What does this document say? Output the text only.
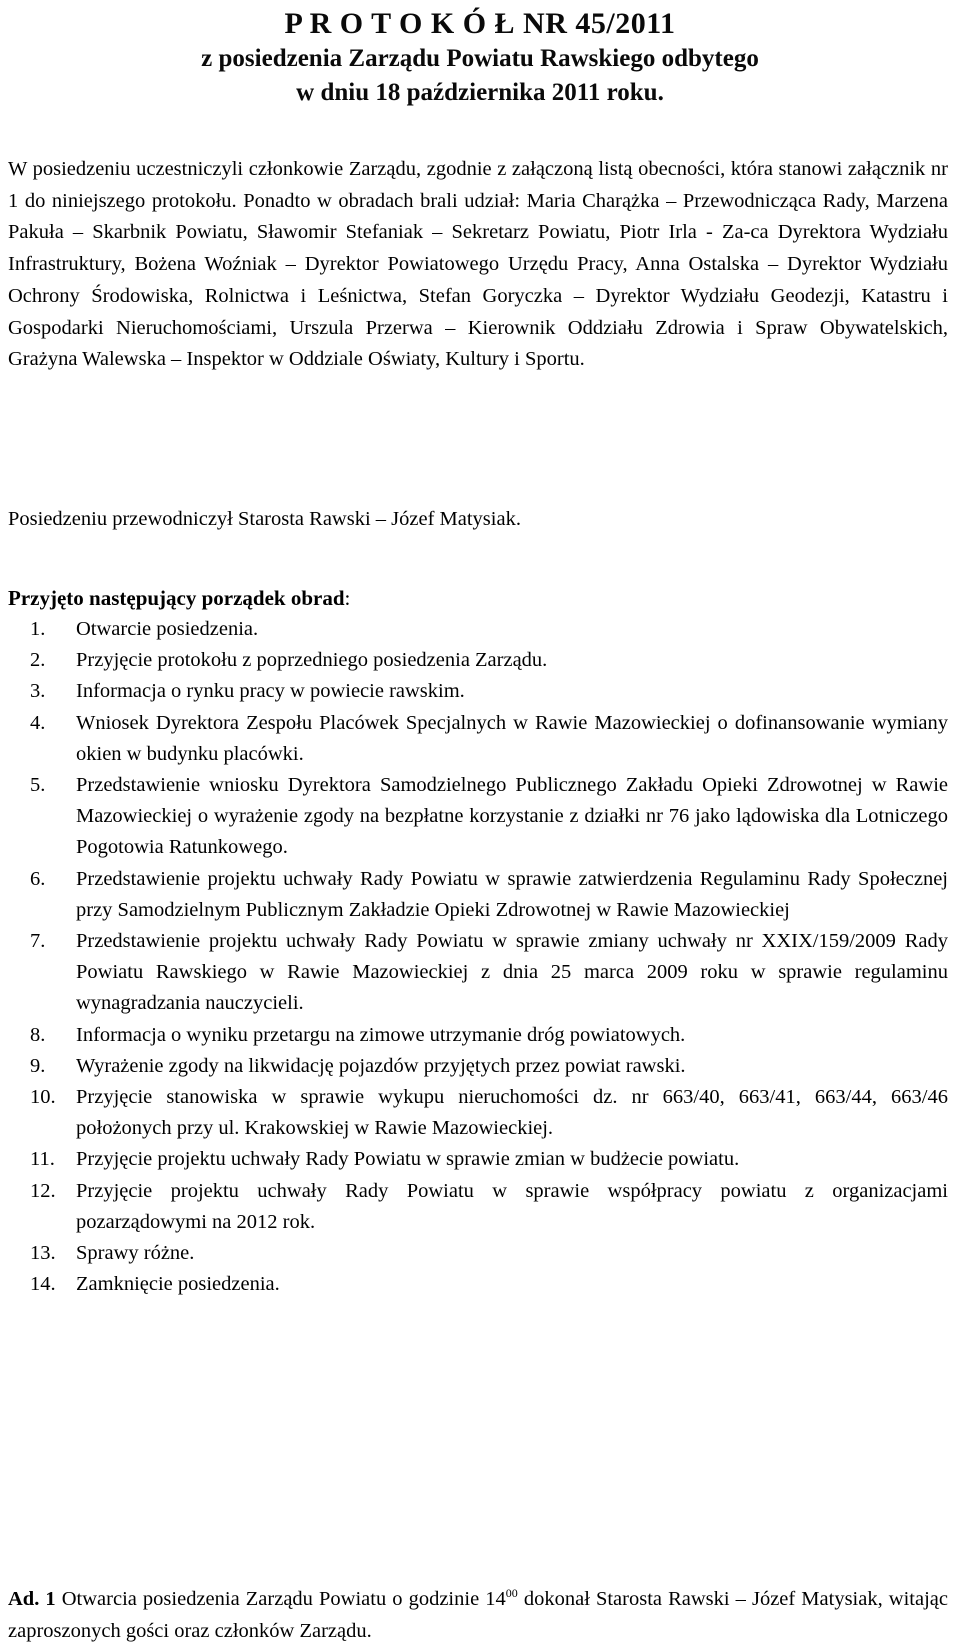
P R O T O K Ó Ł NR 45/2011
z posiedzenia Zarządu Powiatu Rawskiego odbytego
w dniu 18 października 2011 roku.
W posiedzeniu uczestniczyli członkowie Zarządu, zgodnie z załączoną listą obecności, która stanowi załącznik nr 1 do niniejszego protokołu. Ponadto w obradach brali udział: Maria Charążka – Przewodnicząca Rady, Marzena Pakuła – Skarbnik Powiatu, Sławomir Stefaniak – Sekretarz Powiatu, Piotr Irla - Za-ca Dyrektora Wydziału Infrastruktury, Bożena Woźniak – Dyrektor Powiatowego Urzędu Pracy, Anna Ostalska – Dyrektor Wydziału Ochrony Środowiska, Rolnictwa i Leśnictwa, Stefan Goryczka – Dyrektor Wydziału Geodezji, Katastru i Gospodarki Nieruchomościami, Urszula Przerwa – Kierownik Oddziału Zdrowia i Spraw Obywatelskich, Grażyna Walewska – Inspektor w Oddziale Oświaty, Kultury i Sportu.
Posiedzeniu przewodniczył Starosta Rawski – Józef Matysiak.
Przyjęto następujący porządek obrad:
1. Otwarcie posiedzenia.
2. Przyjęcie protokołu z poprzedniego posiedzenia Zarządu.
3. Informacja o rynku pracy w powiecie rawskim.
4. Wniosek Dyrektora Zespołu Placówek Specjalnych w Rawie Mazowieckiej o dofinansowanie wymiany okien w budynku placówki.
5. Przedstawienie wniosku Dyrektora Samodzielnego Publicznego Zakładu Opieki Zdrowotnej w Rawie Mazowieckiej o wyrażenie zgody na bezpłatne korzystanie z działki nr 76 jako lądowiska dla Lotniczego Pogotowia Ratunkowego.
6. Przedstawienie projektu uchwały Rady Powiatu w sprawie zatwierdzenia Regulaminu Rady Społecznej przy Samodzielnym Publicznym Zakładzie Opieki Zdrowotnej w Rawie Mazowieckiej
7. Przedstawienie projektu uchwały Rady Powiatu w sprawie zmiany uchwały nr XXIX/159/2009 Rady Powiatu Rawskiego w Rawie Mazowieckiej z dnia 25 marca 2009 roku w sprawie regulaminu wynagradzania nauczycieli.
8. Informacja o wyniku przetargu na zimowe utrzymanie dróg powiatowych.
9. Wyrażenie zgody na likwidację pojazdów przyjętych przez powiat rawski.
10. Przyjęcie stanowiska w sprawie wykupu nieruchomości dz. nr 663/40, 663/41, 663/44, 663/46 położonych przy ul. Krakowskiej w Rawie Mazowieckiej.
11. Przyjęcie projektu uchwały Rady Powiatu w sprawie zmian w budżecie powiatu.
12. Przyjęcie projektu uchwały Rady Powiatu w sprawie współpracy powiatu z organizacjami pozarządowymi na 2012 rok.
13. Sprawy różne.
14. Zamknięcie posiedzenia.
Ad. 1 Otwarcia posiedzenia Zarządu Powiatu o godzinie $14^{00}$ dokonał Starosta Rawski – Józef Matysiak, witając zaproszonych gości oraz członków Zarządu.
